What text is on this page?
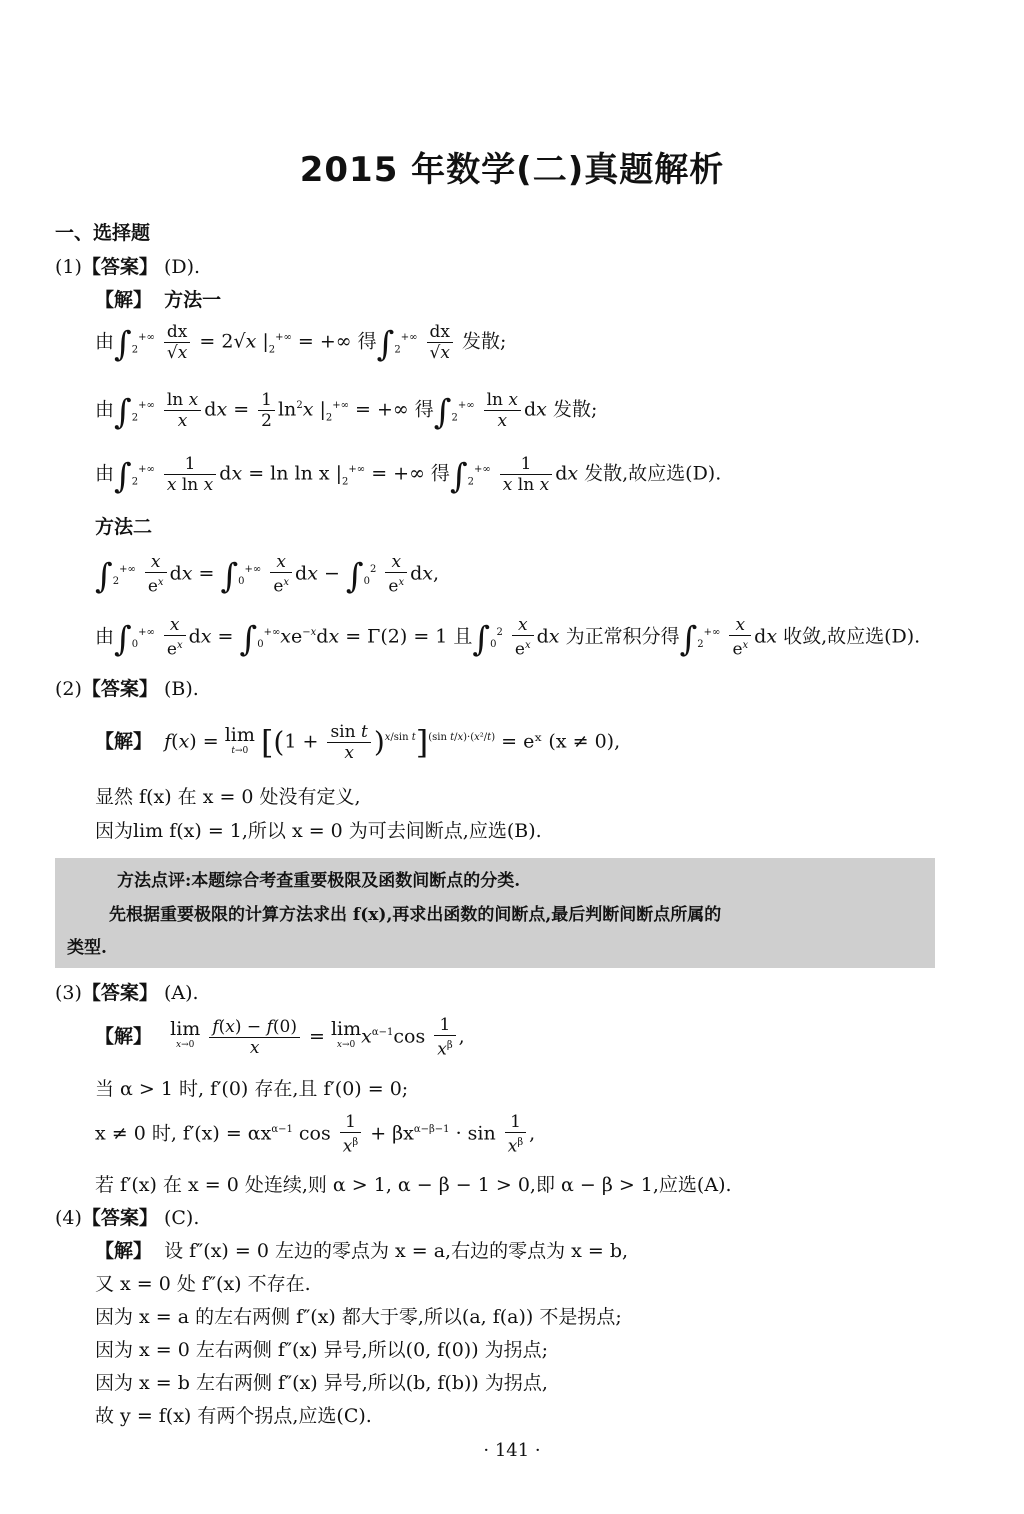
2015 年数学(二)真题解析
一、选择题
(1)【答案】 (D).
【解】 方法一
由$\int_2^{+\infty} \frac{dx}{√x} = 2√x$ $|_2^{+\infty}$ = +∞ 得$\int_2^{+\infty} \frac{dx}{√x}$ 发散;
由$\int_2^{+\infty} \frac{\text{ln x}}{x}$ dx = $\frac{1}{2} \ln^2x$ $|_2^{+\infty}$ = +∞ 得$\int_2^{+\infty} \frac{\text{ln x}}{x}$ dx 发散;
由$\int_2^{+\infty} \frac{1}{\text{x ln x}}$ dx = ln ln x $|_2^{+\infty}$ = +∞ 得$\int_2^{+\infty} \frac{1}{\text{x ln x}}$ dx 发散,故应选(D).
方法二
$\int_2^{+\infty} \frac{x}{e^x}$ dx = $\int_0^{+\infty} \frac{x}{e^x}$ dx − $\int_0^2 \frac{x}{e^x}$ dx,
由$\int_0^{+\infty} \frac{x}{e^x}$ dx = $\int_0^{+\infty}xe^{-x}dx = \Gamma(2) = 1$ 且$\int_0^2 \frac{x}{e^x}$ dx 为正常积分得$\int_2^{+\infty} \frac{x}{e^x}$ dx 收敛,故应选(D).
(2)【答案】 (B).
【解】 f(x) = lim
t→0 $[(1 + \frac{\text{sin t}}{x} )^{x/sin t}]^{(sin t/x)\cdot(x^2/t)}$ = eˣ (x ≠ 0),
显然 f(x) 在 x = 0 处没有定义,
因为lim f(x) = 1,所以 x = 0 为可去间断点,应选(B).
方法点评:本题综合考查重要极限及函数间断点的分类.
先根据重要极限的计算方法求出 f(x),再求出函数的间断点,最后判断间断点所属的
类型.
(3)【答案】 (A).
【解】 lim
x→0
$\frac{f(x) - f(0)}{x} = \lim$
x→0 $x^{\alpha-1}\cos \frac{1}{x^\beta}$ ,
当 α > 1 时, f′(0) 存在,且 f′(0) = 0;
x ≠ 0 时, $f'(x) = \alpha x^{\alpha-1}$ $\cos \frac{1}{x^\beta} + \beta x^{\alpha-\beta-1} \cdot \sin \frac{1}{x^\beta}$ ,
若 f′(x) 在 x = 0 处连续,则 α > 1, α − β − 1 > 0,即 α − β > 1,应选(A).
(4)【答案】 (C).
【解】 设 f″(x) = 0 左边的零点为 x = a,右边的零点为 x = b,
又 x = 0 处 f″(x) 不存在.
因为 x = a 的左右两侧 f″(x) 都大于零,所以(a, f(a)) 不是拐点;
因为 x = 0 左右两侧 f″(x) 异号,所以(0, f(0)) 为拐点;
因为 x = b 左右两侧 f″(x) 异号,所以(b, f(b)) 为拐点,
故 y = f(x) 有两个拐点,应选(C).
· 141 ·
